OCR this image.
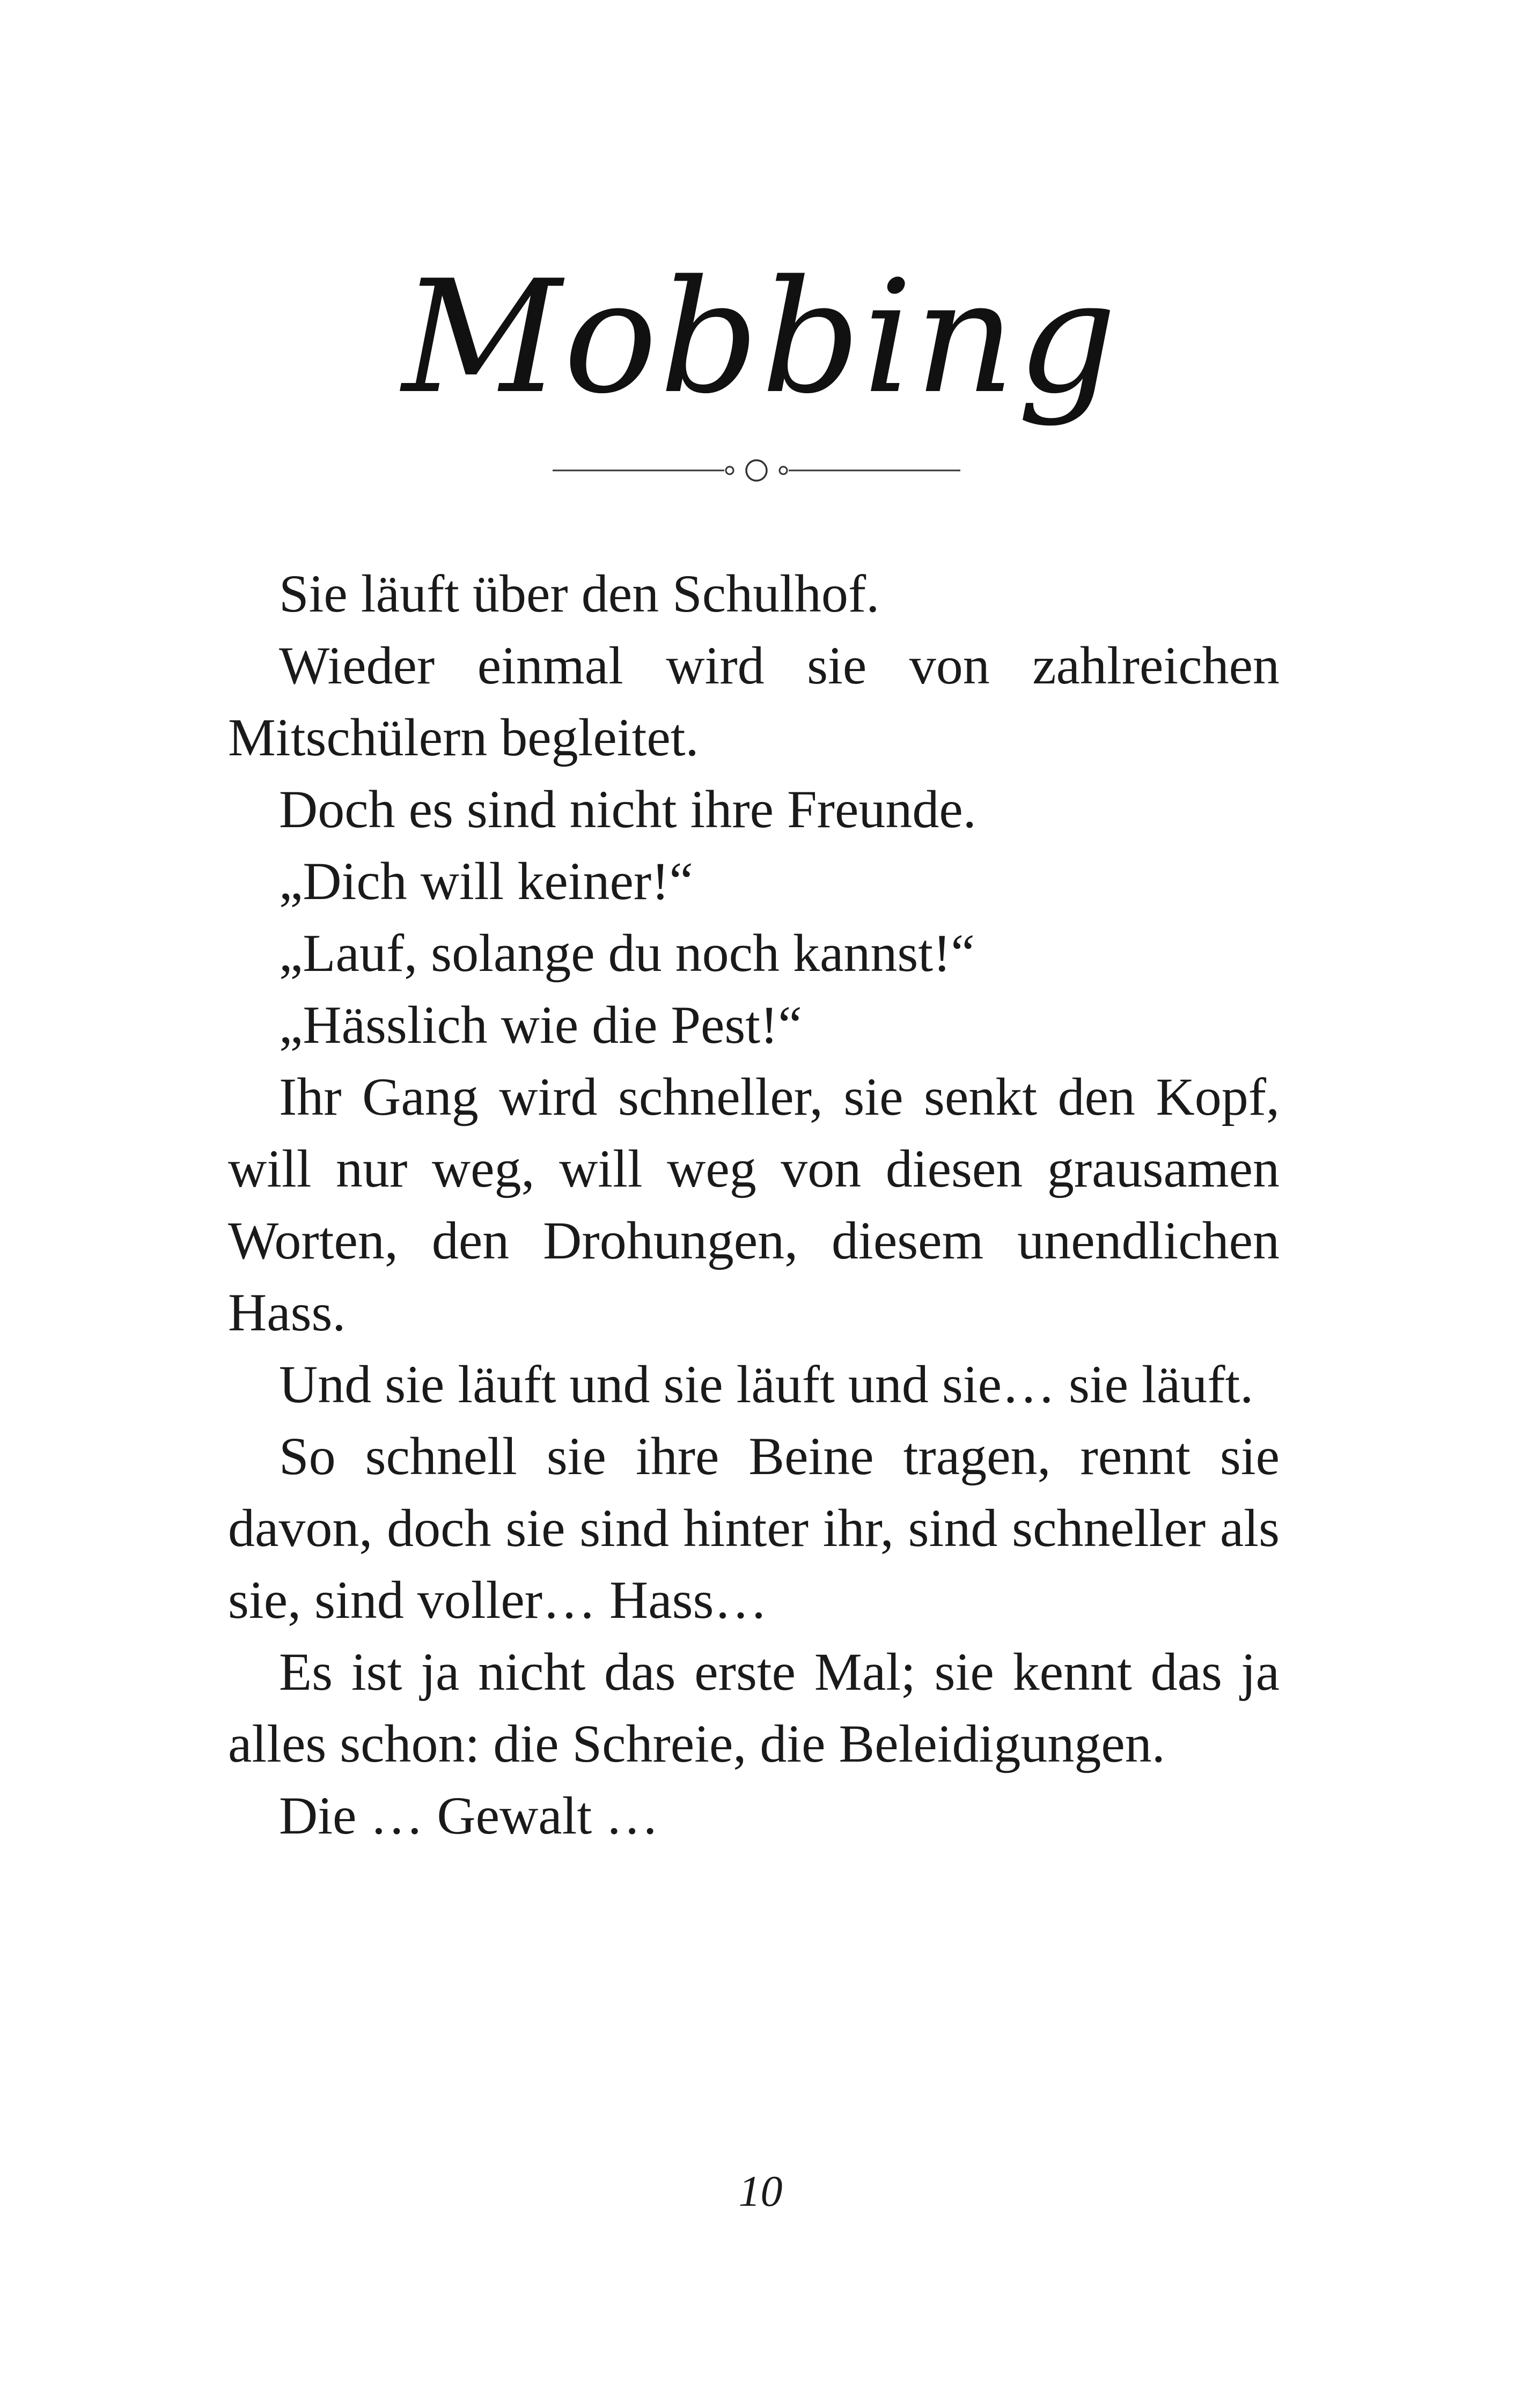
Mobbing

Sie läuft über den Schulhof.

Wieder einmal wird sie von zahlreichen Mitschülern begleitet.

Doch es sind nicht ihre Freunde.

„Dich will keiner!“

„Lauf, solange du noch kannst!“

„Hässlich wie die Pest!“

Ihr Gang wird schneller, sie senkt den Kopf, will nur weg, will weg von diesen grausamen Worten, den Drohungen, diesem unendlichen Hass.

Und sie läuft und sie läuft und sie… sie läuft.

So schnell sie ihre Beine tragen, rennt sie davon, doch sie sind hinter ihr, sind schneller als sie, sind voller… Hass…

Es ist ja nicht das erste Mal; sie kennt das ja alles schon: die Schreie, die Beleidigungen.

Die … Gewalt …

10
